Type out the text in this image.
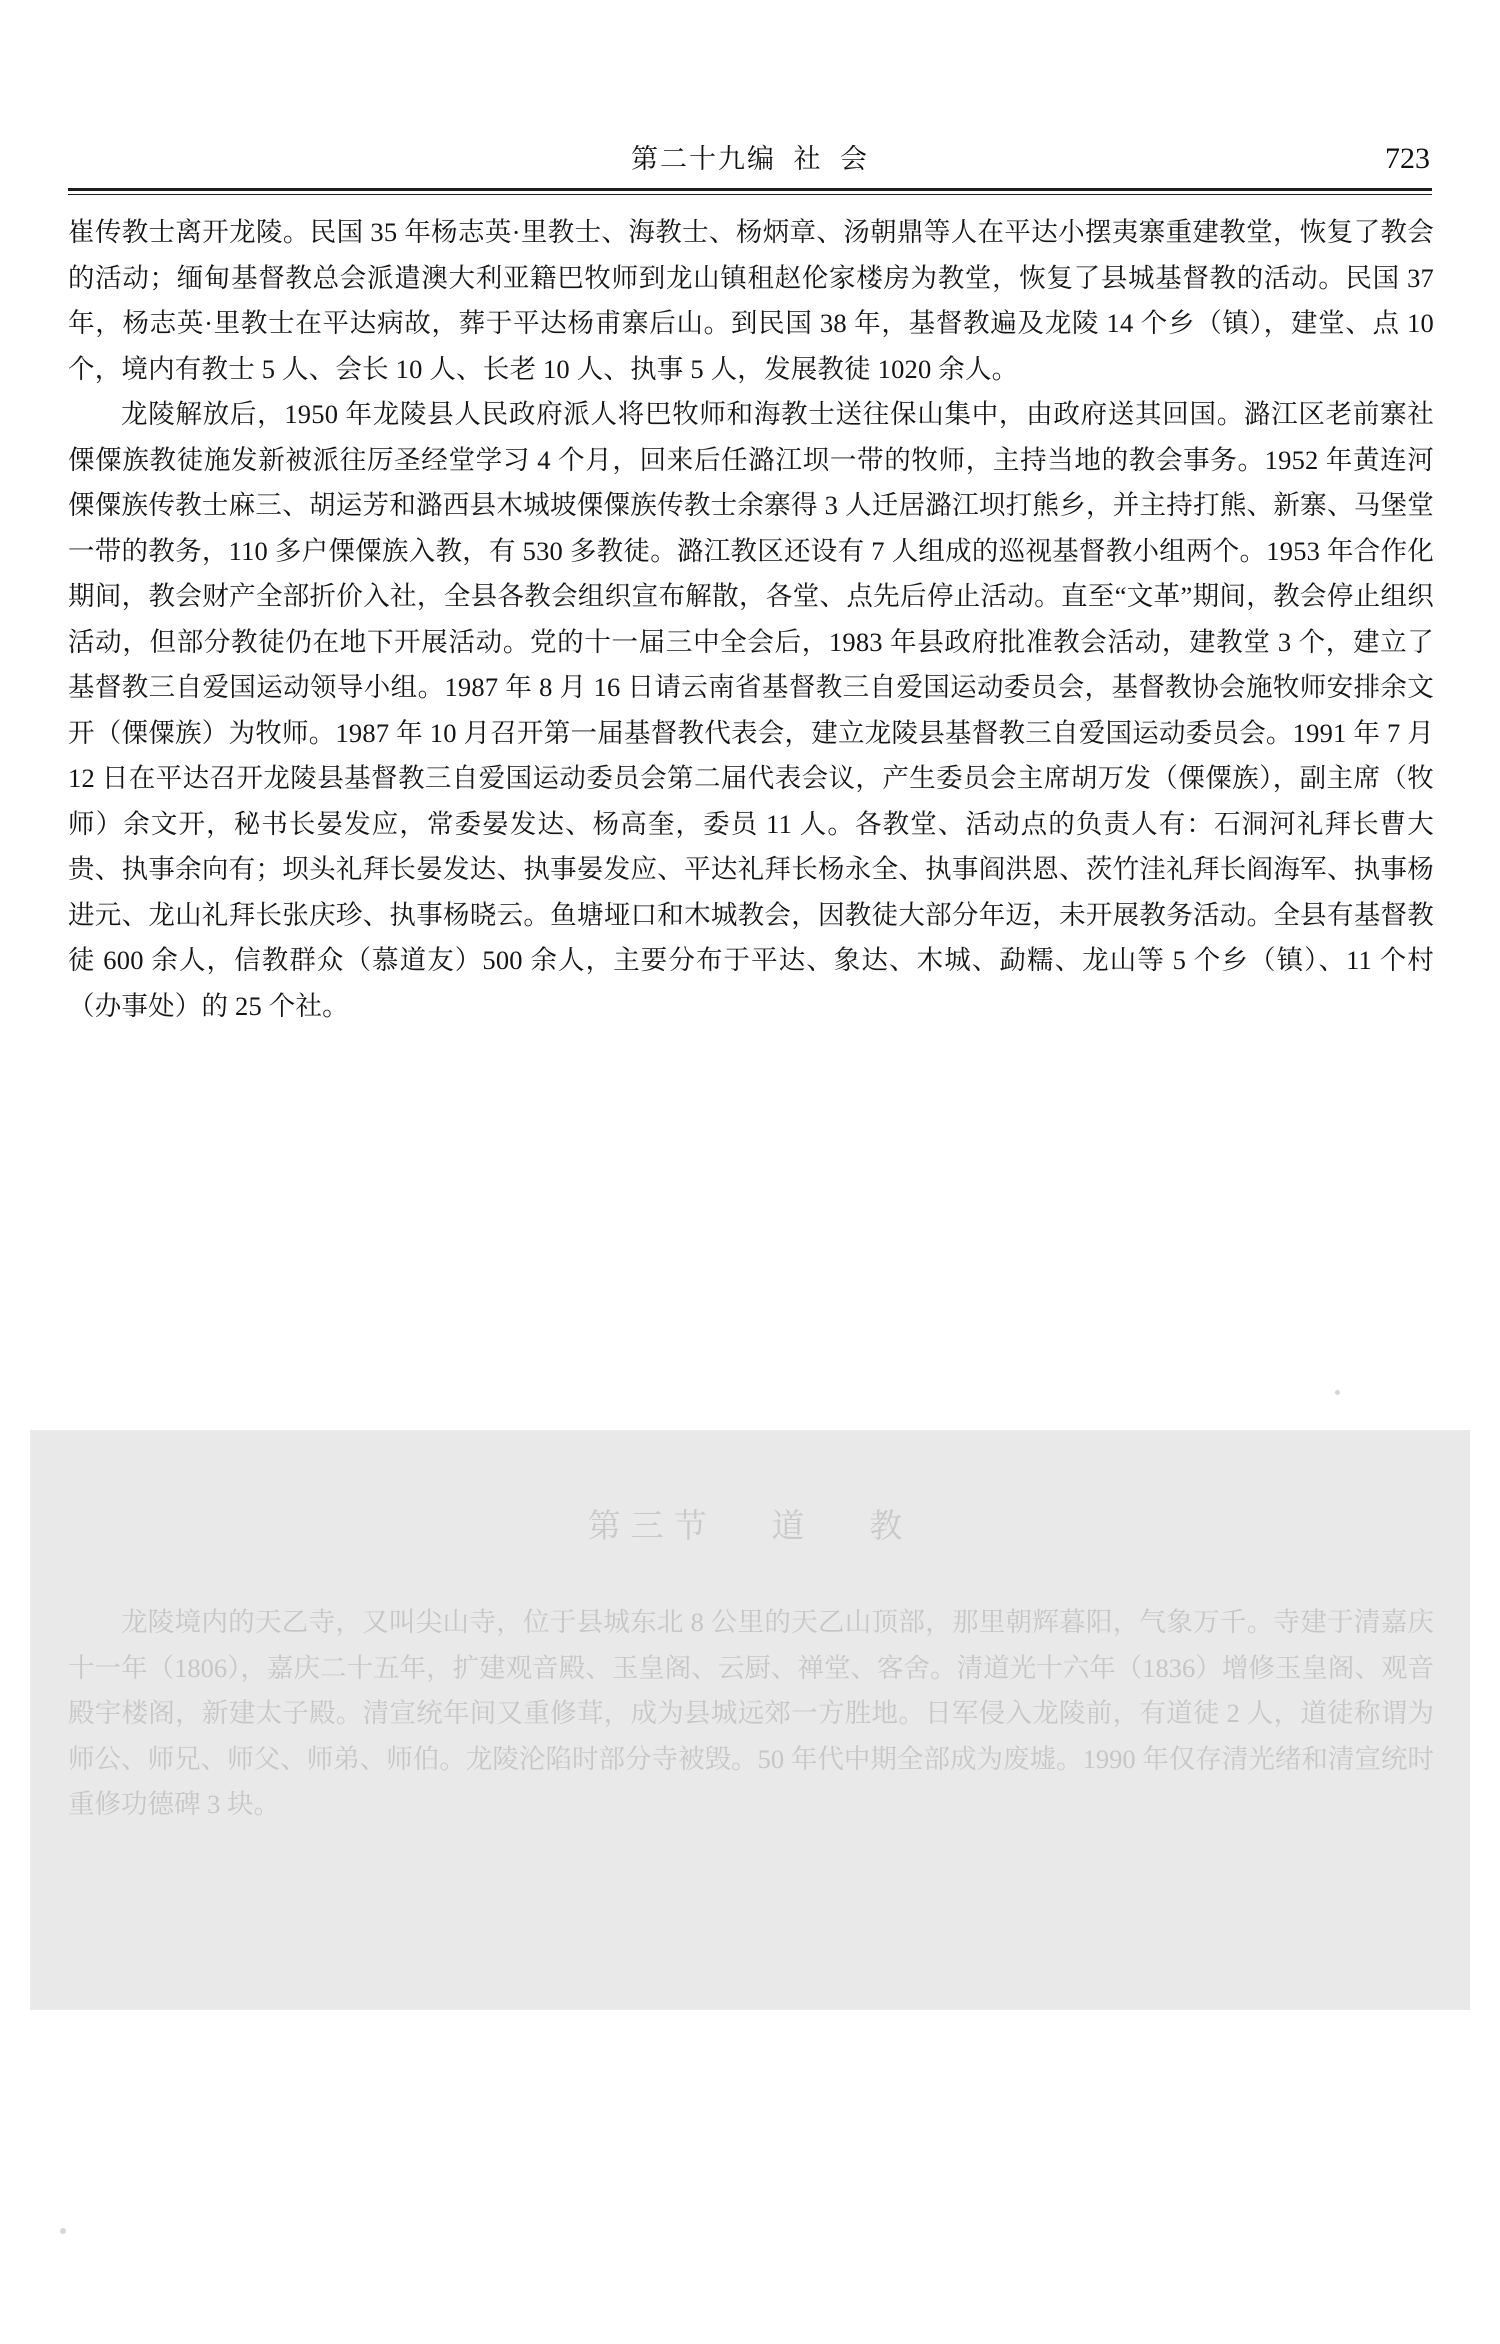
第二十九编  社  会	723

崔传教士离开龙陵。民国 35 年杨志英·里教士、海教士、杨炳章、汤朝鼎等人在平达小摆夷寨重建教堂，恢复了教会的活动；缅甸基督教总会派遣澳大利亚籍巴牧师到龙山镇租赵伦家楼房为教堂，恢复了县城基督教的活动。民国 37 年，杨志英·里教士在平达病故，葬于平达杨甫寨后山。到民国 38 年，基督教遍及龙陵 14 个乡（镇），建堂、点 10 个，境内有教士 5 人、会长 10 人、长老 10 人、执事 5 人，发展教徒 1020 余人。

龙陵解放后，1950 年龙陵县人民政府派人将巴牧师和海教士送往保山集中，由政府送其回国。潞江区老前寨社傈僳族教徒施发新被派往厉圣经堂学习 4 个月，回来后任潞江坝一带的牧师，主持当地的教会事务。1952 年黄连河傈僳族传教士麻三、胡运芳和潞西县木城坡傈僳族传教士余寨得 3 人迁居潞江坝打熊乡，并主持打熊、新寨、马堡堂一带的教务，110 多户傈僳族入教，有 530 多教徒。潞江教区还设有 7 人组成的巡视基督教小组两个。1953 年合作化期间，教会财产全部折价入社，全县各教会组织宣布解散，各堂、点先后停止活动。直至“文革”期间，教会停止组织活动，但部分教徒仍在地下开展活动。党的十一届三中全会后，1983 年县政府批准教会活动，建教堂 3 个，建立了基督教三自爱国运动领导小组。1987 年 8 月 16 日请云南省基督教三自爱国运动委员会，基督教协会施牧师安排余文开（傈僳族）为牧师。1987 年 10 月召开第一届基督教代表会，建立龙陵县基督教三自爱国运动委员会。1991 年 7 月 12 日在平达召开龙陵县基督教三自爱国运动委员会第二届代表会议，产生委员会主席胡万发（傈僳族），副主席（牧师）余文开，秘书长晏发应，常委晏发达、杨高奎，委员 11 人。各教堂、活动点的负责人有：石洞河礼拜长曹大贵、执事余向有；坝头礼拜长晏发达、执事晏发应、平达礼拜长杨永全、执事阎洪恩、茨竹洼礼拜长阎海军、执事杨进元、龙山礼拜长张庆珍、执事杨晓云。鱼塘垭口和木城教会，因教徒大部分年迈，未开展教务活动。全县有基督教徒 600 余人，信教群众（慕道友）500 余人，主要分布于平达、象达、木城、勐糯、龙山等 5 个乡（镇）、11 个村（办事处）的 25 个社。

第三节   道   教

龙陵境内的天乙寺，又叫尖山寺，位于县城东北 8 公里的天乙山顶部，那里朝辉暮阳，气象万千。寺建于清嘉庆十一年（1806），嘉庆二十五年，扩建观音殿、玉皇阁、云厨、禅堂、客舍。清道光十六年（1836）增修玉皇阁、观音殿宇楼阁，新建太子殿。清宣统年间又重修茸，成为县城远郊一方胜地。日军侵入龙陵前，有道徒 2 人，道徒称谓为师公、师兄、师父、师弟、师伯。龙陵沦陷时部分寺被毁。50 年代中期全部成为废墟。1990 年仅存清光绪和清宣统时重修功德碑 3 块。
